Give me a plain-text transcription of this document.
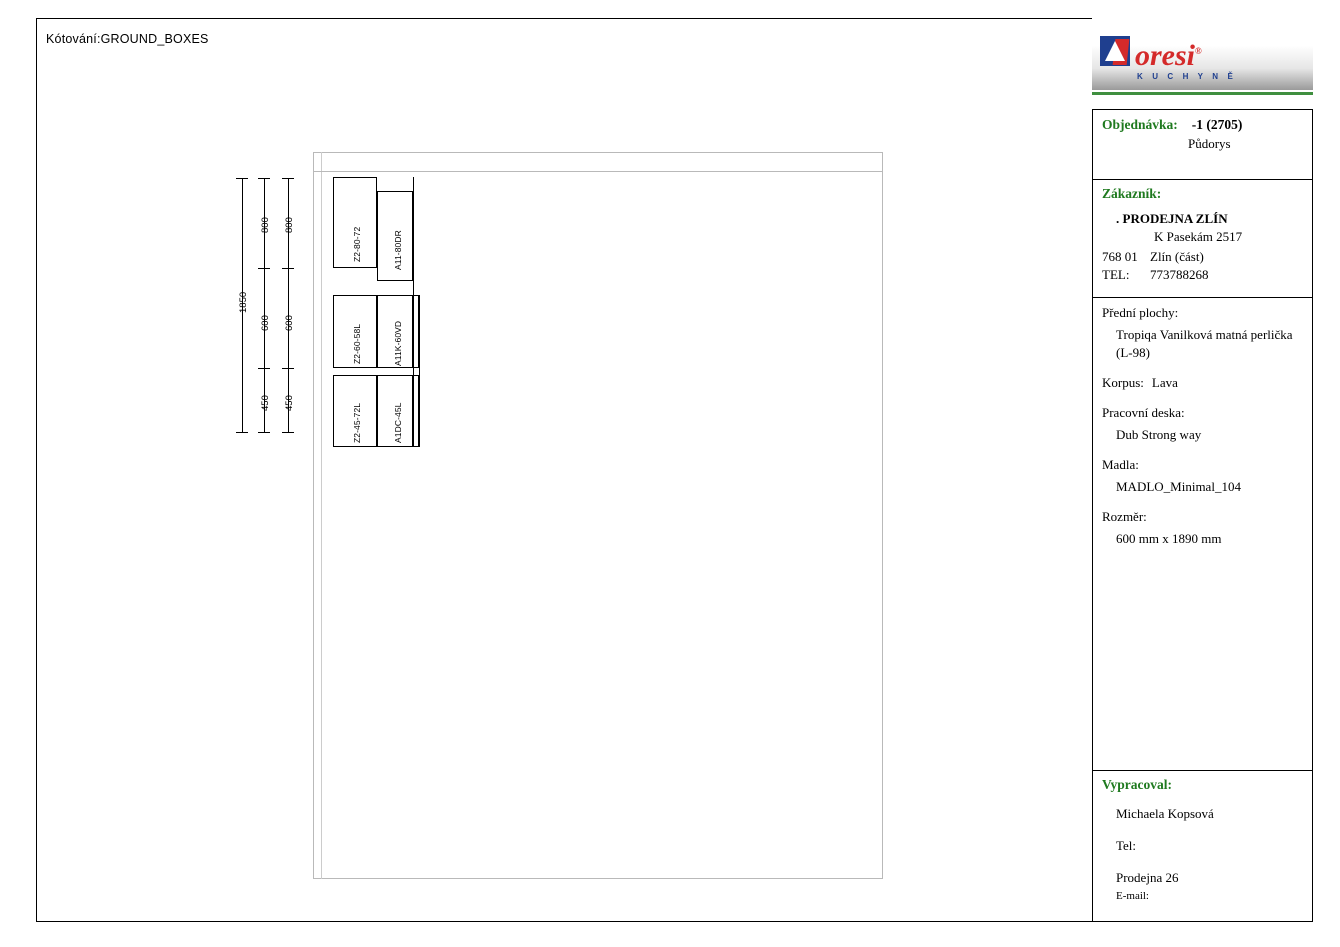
Kótování:GROUND_BOXES
1850
800
600
450
800
600
450
Z2-80-72	A11-80DR
Z2-60-58L	A11K-60VD
Z2-45-72L	A1DC-45L
oresi®
K U C H Y N Ě
Objednávka: -1 (2705)
Půdorys
Zákazník:
. PRODEJNA ZLÍN
K Pasekám 2517
768 01 Zlín (část)
TEL:	773788268
Přední plochy:
Tropiqa Vanilková matná perlička (L-98)
Korpus: Lava
Pracovní deska:
Dub Strong way
Madla:
MADLO_Minimal_104
Rozměr:
600 mm x 1890 mm
Vypracoval:
Michaela Kopsová
Tel:
Prodejna 26
E-mail:
